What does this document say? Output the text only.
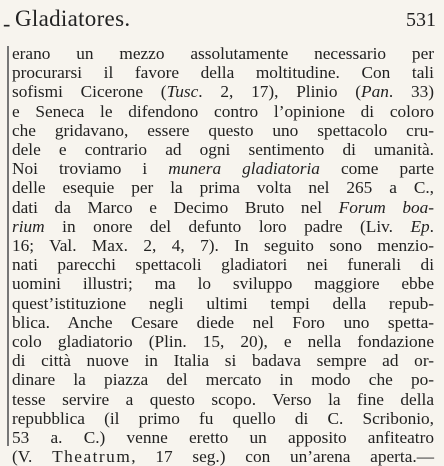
- Gladiatores.	531
erano un mezzo assolutamente necessario per
procurarsi il favore della moltitudine. Con tali
sofismi Cicerone (Tusc. 2, 17), Plinio (Pan. 33)
e Seneca le difendono contro l’opinione di coloro
che gridavano, essere questo uno spettacolo cru-
dele e contrario ad ogni sentimento di umanità.
Noi troviamo i munera gladiatoria come parte
delle esequie per la prima volta nel 265 a C.,
dati da Marco e Decimo Bruto nel Forum boa-
rium in onore del defunto loro padre (Liv. Ep.
16; Val. Max. 2, 4, 7). In seguito sono menzio-
nati parecchi spettacoli gladiatori nei funerali di
uomini illustri; ma lo sviluppo maggiore ebbe
quest’istituzione negli ultimi tempi della repub-
blica. Anche Cesare diede nel Foro uno spetta-
colo gladiatorio (Plin. 15, 20), e nella fondazione
di città nuove in Italia si badava sempre ad or-
dinare la piazza del mercato in modo che po-
tesse servire a questo scopo. Verso la fine della
repubblica (il primo fu quello di C. Scribonio,
53 a. C.) venne eretto un apposito anfiteatro
(V. Theatrum, 17 seg.) con un’arena aperta.—
